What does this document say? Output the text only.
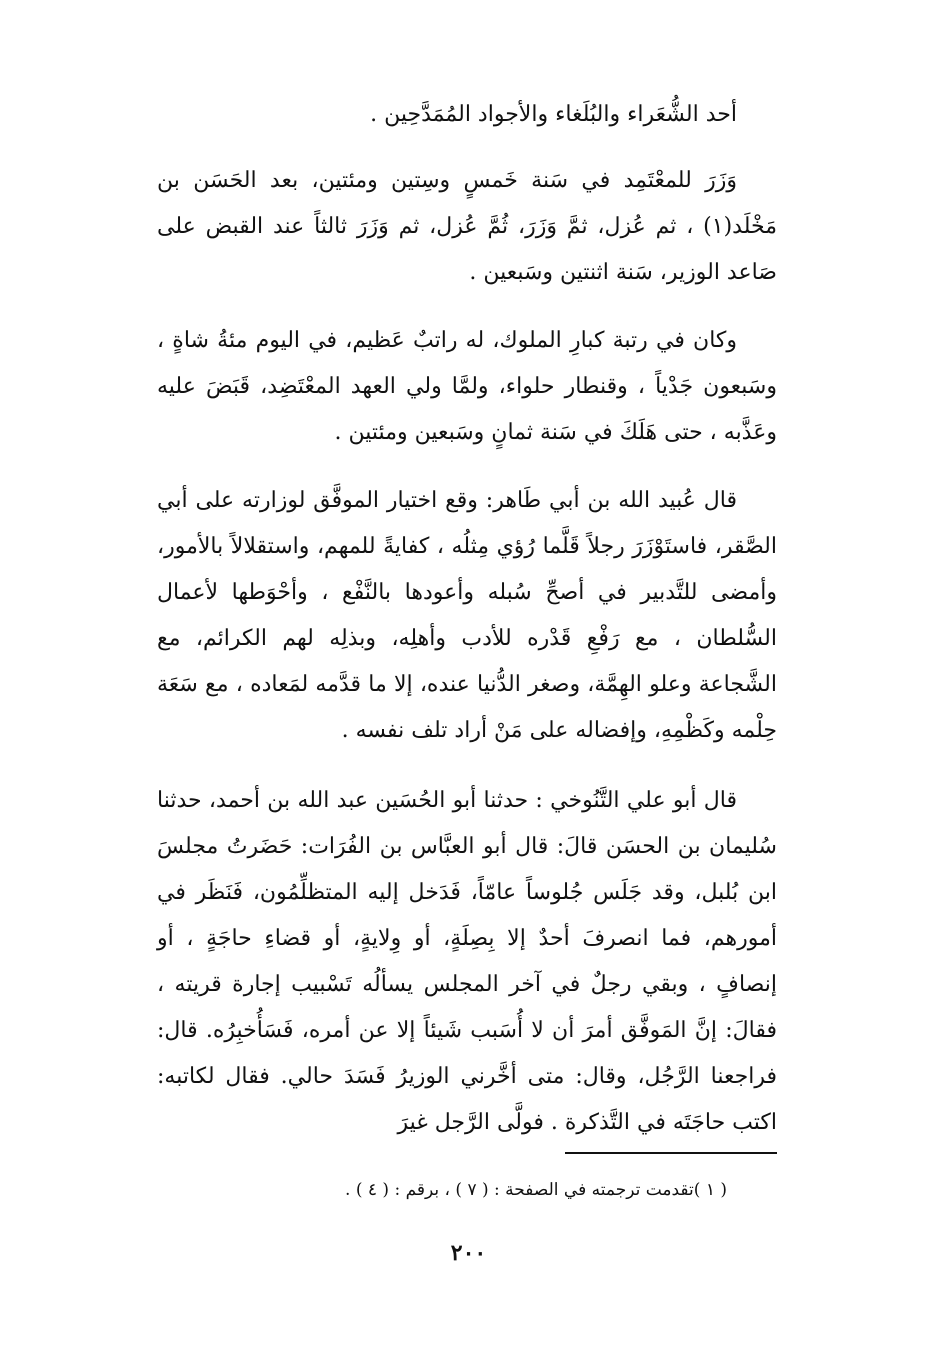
أحد الشُّعَراء والبُلَغاء والأجواد المُمَدَّحِين .

وَزَرَ للمعْتَمِد في سَنة خَمسٍ وسِتين ومئتين، بعد الحَسَن بن مَخْلَد(١) ، ثم عُزل، ثمَّ وَزَرَ، ثُمَّ عُزل، ثم وَزَرَ ثالثاً عند القبض على صَاعد الوزير، سَنة اثنتين وسَبعين .

وكان في رتبة كبارِ الملوك، له راتبٌ عَظيم، في اليوم مئةُ شاةٍ ، وسَبعون جَدْياً ، وقنطار حلواء، ولمَّا ولي العهد المعْتَضِد، قَبَضَ عليه وعَذَّبه ، حتى هَلَكَ في سَنة ثمانٍ وسَبعين ومئتين .

قال عُبيد الله بن أبي طَاهر: وقع اختيار الموفَّق لوزارته على أبي الصَّقر، فاستَوْزَرَ رجلاً قَلَّما رُؤي مِثلُه ، كفايةً للمهم، واستقلالاً بالأمور، وأمضى للتَّدبير في أصحِّ سُبله وأعودها بالنَّفْع ، وأحْوَطها لأعمال السُّلطان ، مع رَفْعِ قَدْره للأدب وأهلِه، وبذلِه لهم الكرائم، مع الشَّجاعة وعلو الهِمَّة، وصغر الدُّنيا عنده، إلا ما قدَّمه لمَعاده ، مع سَعَة حِلْمه وكَظْمِهِ، وإفضاله على مَنْ أراد تلف نفسه .

قال أبو علي التَّنُوخي : حدثنا أبو الحُسَين عبد الله بن أحمد، حدثنا سُليمان بن الحسَن قالَ: قال أبو العبَّاس بن الفُرَات: حَضَرتُ مجلسَ ابن بُلبل، وقد جَلَس جُلوساً عامّاً، فَدَخل إليه المتظلِّمُون، فَنَظَر في أمورهم، فما انصرفَ أحدٌ إلا بِصِلَةٍ، أو وِلايةٍ، أو قضاءِ حاجَةٍ ، أو إنصافٍ ، وبقي رجلٌ في آخر المجلس يسألُه تَسْبيب إجارة قريته ، فقالَ: إنَّ المَوفَّق أمرَ أن لا أُسَبب شَيئاً إلا عن أمره، فَسَأُخبِرُه. قال: فراجعنا الرَّجُل، وقال: متى أخَّرني الوزيرُ فَسَدَ حالي. فقال لكاتبه: اكتب حاجَتَه في التَّذكرة . فولَّى الرَّجل غيرَ

( ١ )تقدمت ترجمته في الصفحة : ( ٧ ) ، برقم : ( ٤ ) .
٢٠٠
